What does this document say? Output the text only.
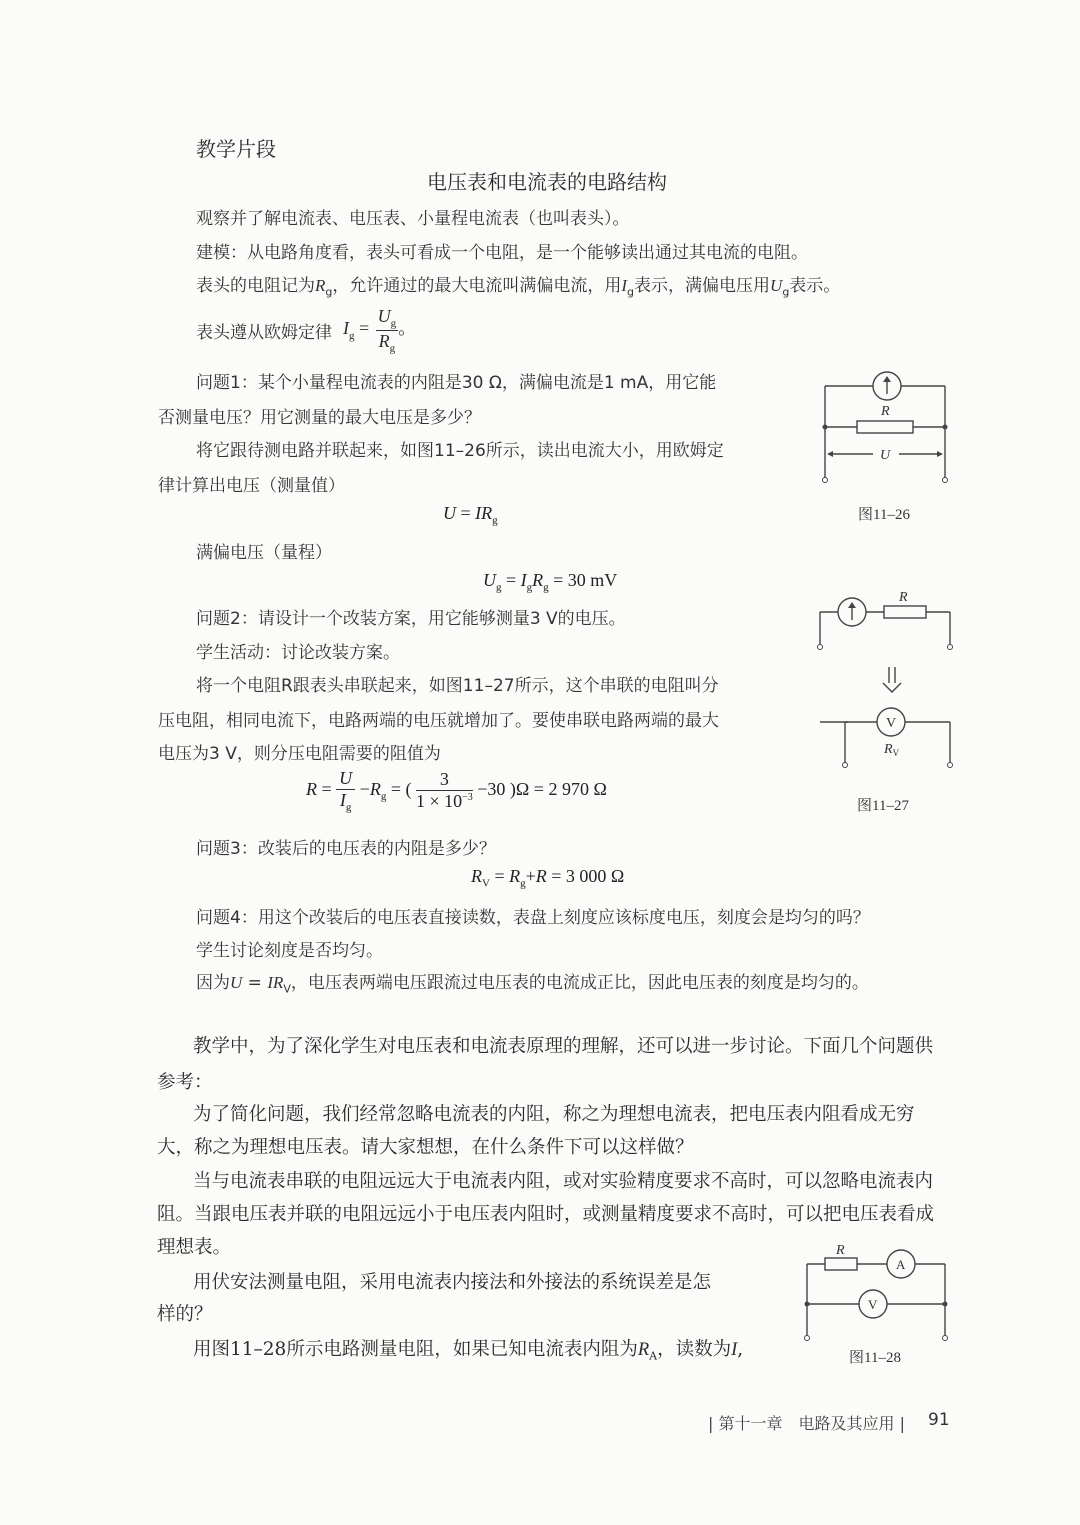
教学片段
电压表和电流表的电路结构
观察并了解电流表、电压表、小量程电流表（也叫表头）。
建模：从电路角度看，表头可看成一个电阻，是一个能够读出通过其电流的电阻。
表头的电阻记为$R_g$，允许通过的最大电流叫满偏电流，用$I_g$表示，满偏电压用$U_g$表示。
表头遵从欧姆定律 $I_g = \frac{U_g}{R_g}$ 。
问题1：某个小量程电流表的内阻是30 Ω，满偏电流是1 mA，用它能
否测量电压？用它测量的最大电压是多少？
将它跟待测电路并联起来，如图11–26所示，读出电流大小，用欧姆定
律计算出电压（测量值）
$U = IR_g$
满偏电压（量程）
$U_g = I_gR_g = 30$ mV
R
U
图11–26
问题2：请设计一个改装方案，用它能够测量3 V的电压。
学生活动：讨论改装方案。
将一个电阻R跟表头串联起来，如图11–27所示，这个串联的电阻叫分
压电阻，相同电流下，电路两端的电压就增加了。要使串联电路两端的最大
电压为3 V，则分压电阻需要的阻值为
$R = \frac{U}{I_g} -R_g$ = ( $\frac{3}{1 \times 10^{-3}} -30$ )Ω = 2 970 Ω
R
V
$R_V$
图11–27
问题3：改装后的电压表的内阻是多少？
$R_V = R_g+R = 3$ 000 Ω
问题4：用这个改装后的电压表直接读数，表盘上刻度应该标度电压，刻度会是均匀的吗？
学生讨论刻度是否均匀。
因为$U = IR_V$，电压表两端电压跟流过电压表的电流成正比，因此电压表的刻度是均匀的。
教学中，为了深化学生对电压表和电流表原理的理解，还可以进一步讨论。下面几个问题供
参考：
为了简化问题，我们经常忽略电流表的内阻，称之为理想电流表，把电压表内阻看成无穷
大，称之为理想电压表。请大家想想，在什么条件下可以这样做？
当与电流表串联的电阻远远大于电流表内阻，或对实验精度要求不高时，可以忽略电流表内
阻。当跟电压表并联的电阻远远小于电压表内阻时，或测量精度要求不高时，可以把电压表看成
理想表。
用伏安法测量电阻，采用电流表内接法和外接法的系统误差是怎
样的？
用图11–28所示电路测量电阻，如果已知电流表内阻为$R_A$，读数为I,
R
A
V
图11–28
| 第十一章　电路及其应用 | 91
